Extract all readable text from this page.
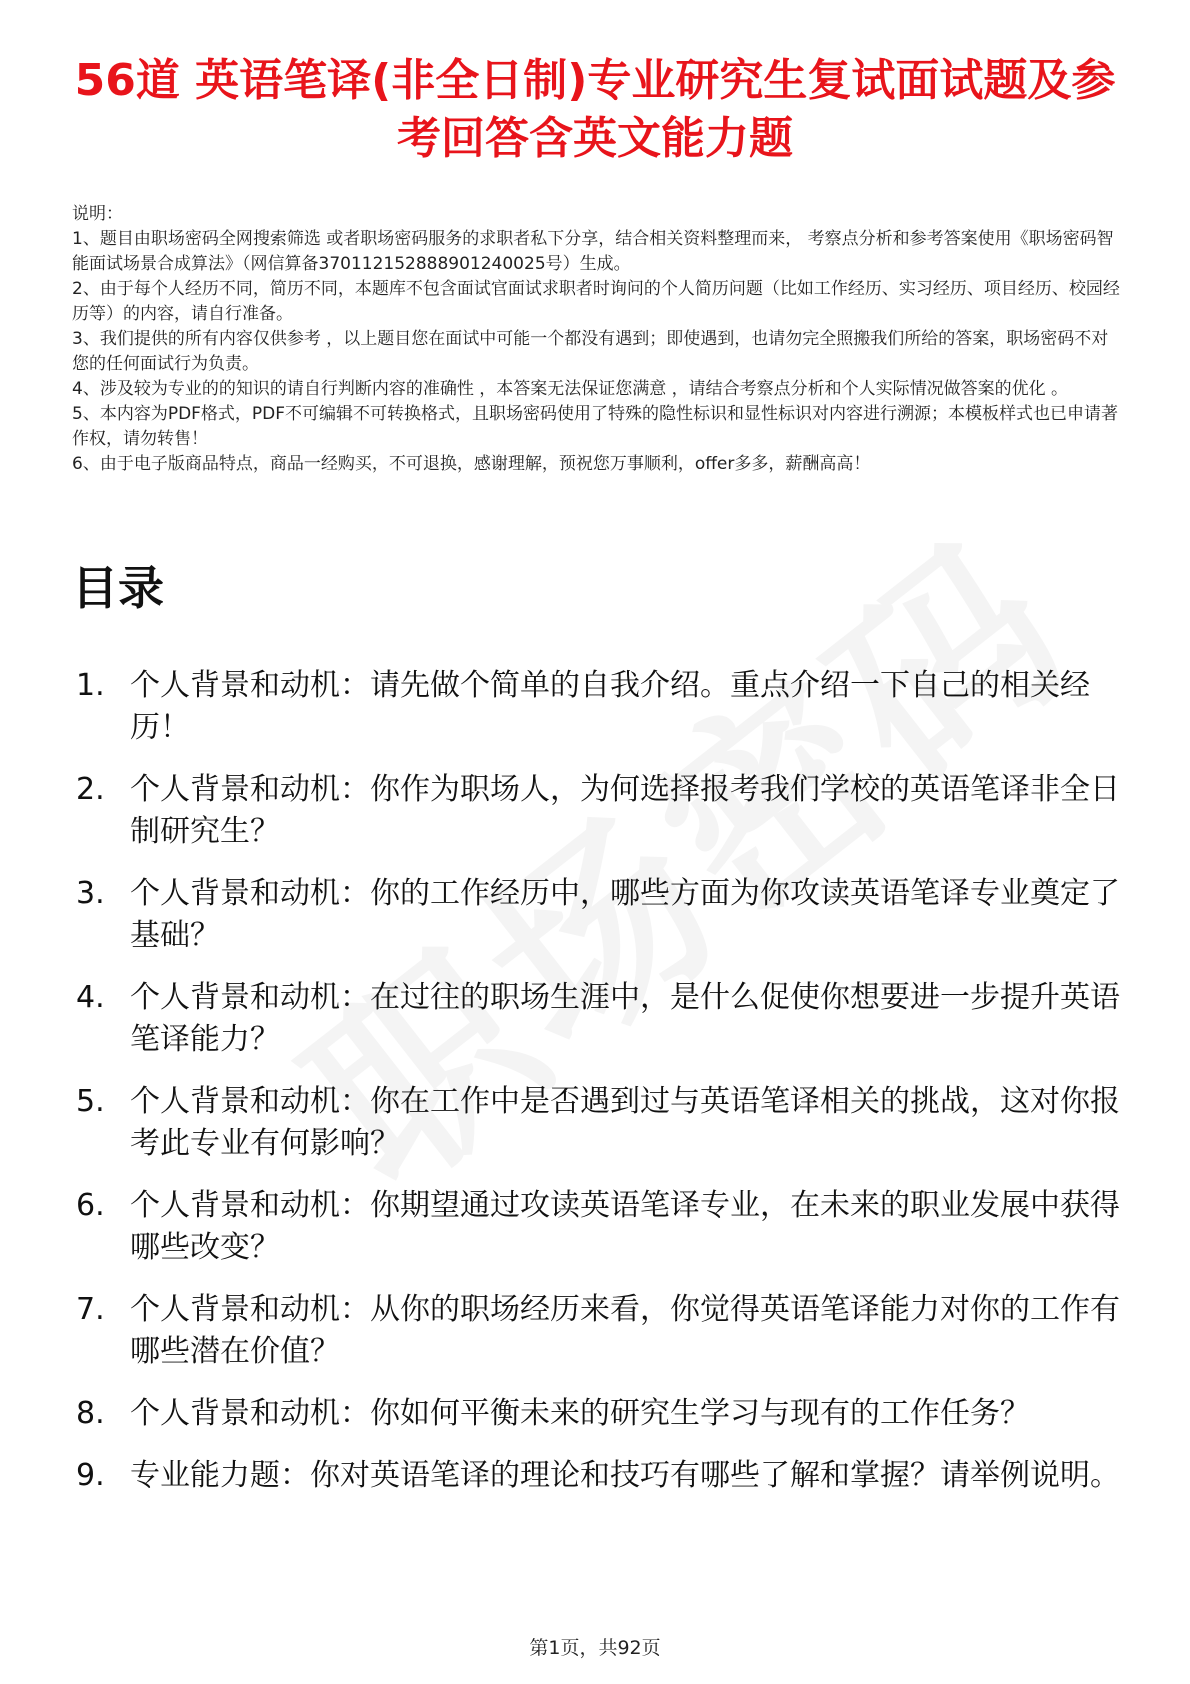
56道 英语笔译(非全日制)专业研究生复试面试题及参考回答含英文能力题

说明：

1、题目由职场密码全网搜索筛选 或者职场密码服务的求职者私下分享，结合相关资料整理而来， 考察点分析和参考答案使用《职场密码智能面试场景合成算法》（网信算备370112152888901240025号）生成。

2、由于每个人经历不同，简历不同，本题库不包含面试官面试求职者时询问的个人简历问题（比如工作经历、实习经历、项目经历、校园经历等）的内容，请自行准备。

3、我们提供的所有内容仅供参考 ，以上题目您在面试中可能一个都没有遇到；即使遇到，也请勿完全照搬我们所给的答案，职场密码不对您的任何面试行为负责。

4、涉及较为专业的的知识的请自行判断内容的准确性 ，本答案无法保证您满意 ，请结合考察点分析和个人实际情况做答案的优化 。

5、本内容为PDF格式，PDF不可编辑不可转换格式，且职场密码使用了特殊的隐性标识和显性标识对内容进行溯源；本模板样式也已申请著作权，请勿转售！

6、由于电子版商品特点，商品一经购买，不可退换，感谢理解，预祝您万事顺利，offer多多，薪酬高高！

目录
1. 个人背景和动机：请先做个简单的自我介绍。重点介绍一下自己的相关经历！
2. 个人背景和动机：你作为职场人，为何选择报考我们学校的英语笔译非全日制研究生？
3. 个人背景和动机：你的工作经历中，哪些方面为你攻读英语笔译专业奠定了基础？
4. 个人背景和动机：在过往的职场生涯中，是什么促使你想要进一步提升英语笔译能力？
5. 个人背景和动机：你在工作中是否遇到过与英语笔译相关的挑战，这对你报考此专业有何影响？
6. 个人背景和动机：你期望通过攻读英语笔译专业，在未来的职业发展中获得哪些改变？
7. 个人背景和动机：从你的职场经历来看，你觉得英语笔译能力对你的工作有哪些潜在价值？
8. 个人背景和动机：你如何平衡未来的研究生学习与现有的工作任务？
9. 专业能力题：你对英语笔译的理论和技巧有哪些了解和掌握？请举例说明。
第1页，共92页
